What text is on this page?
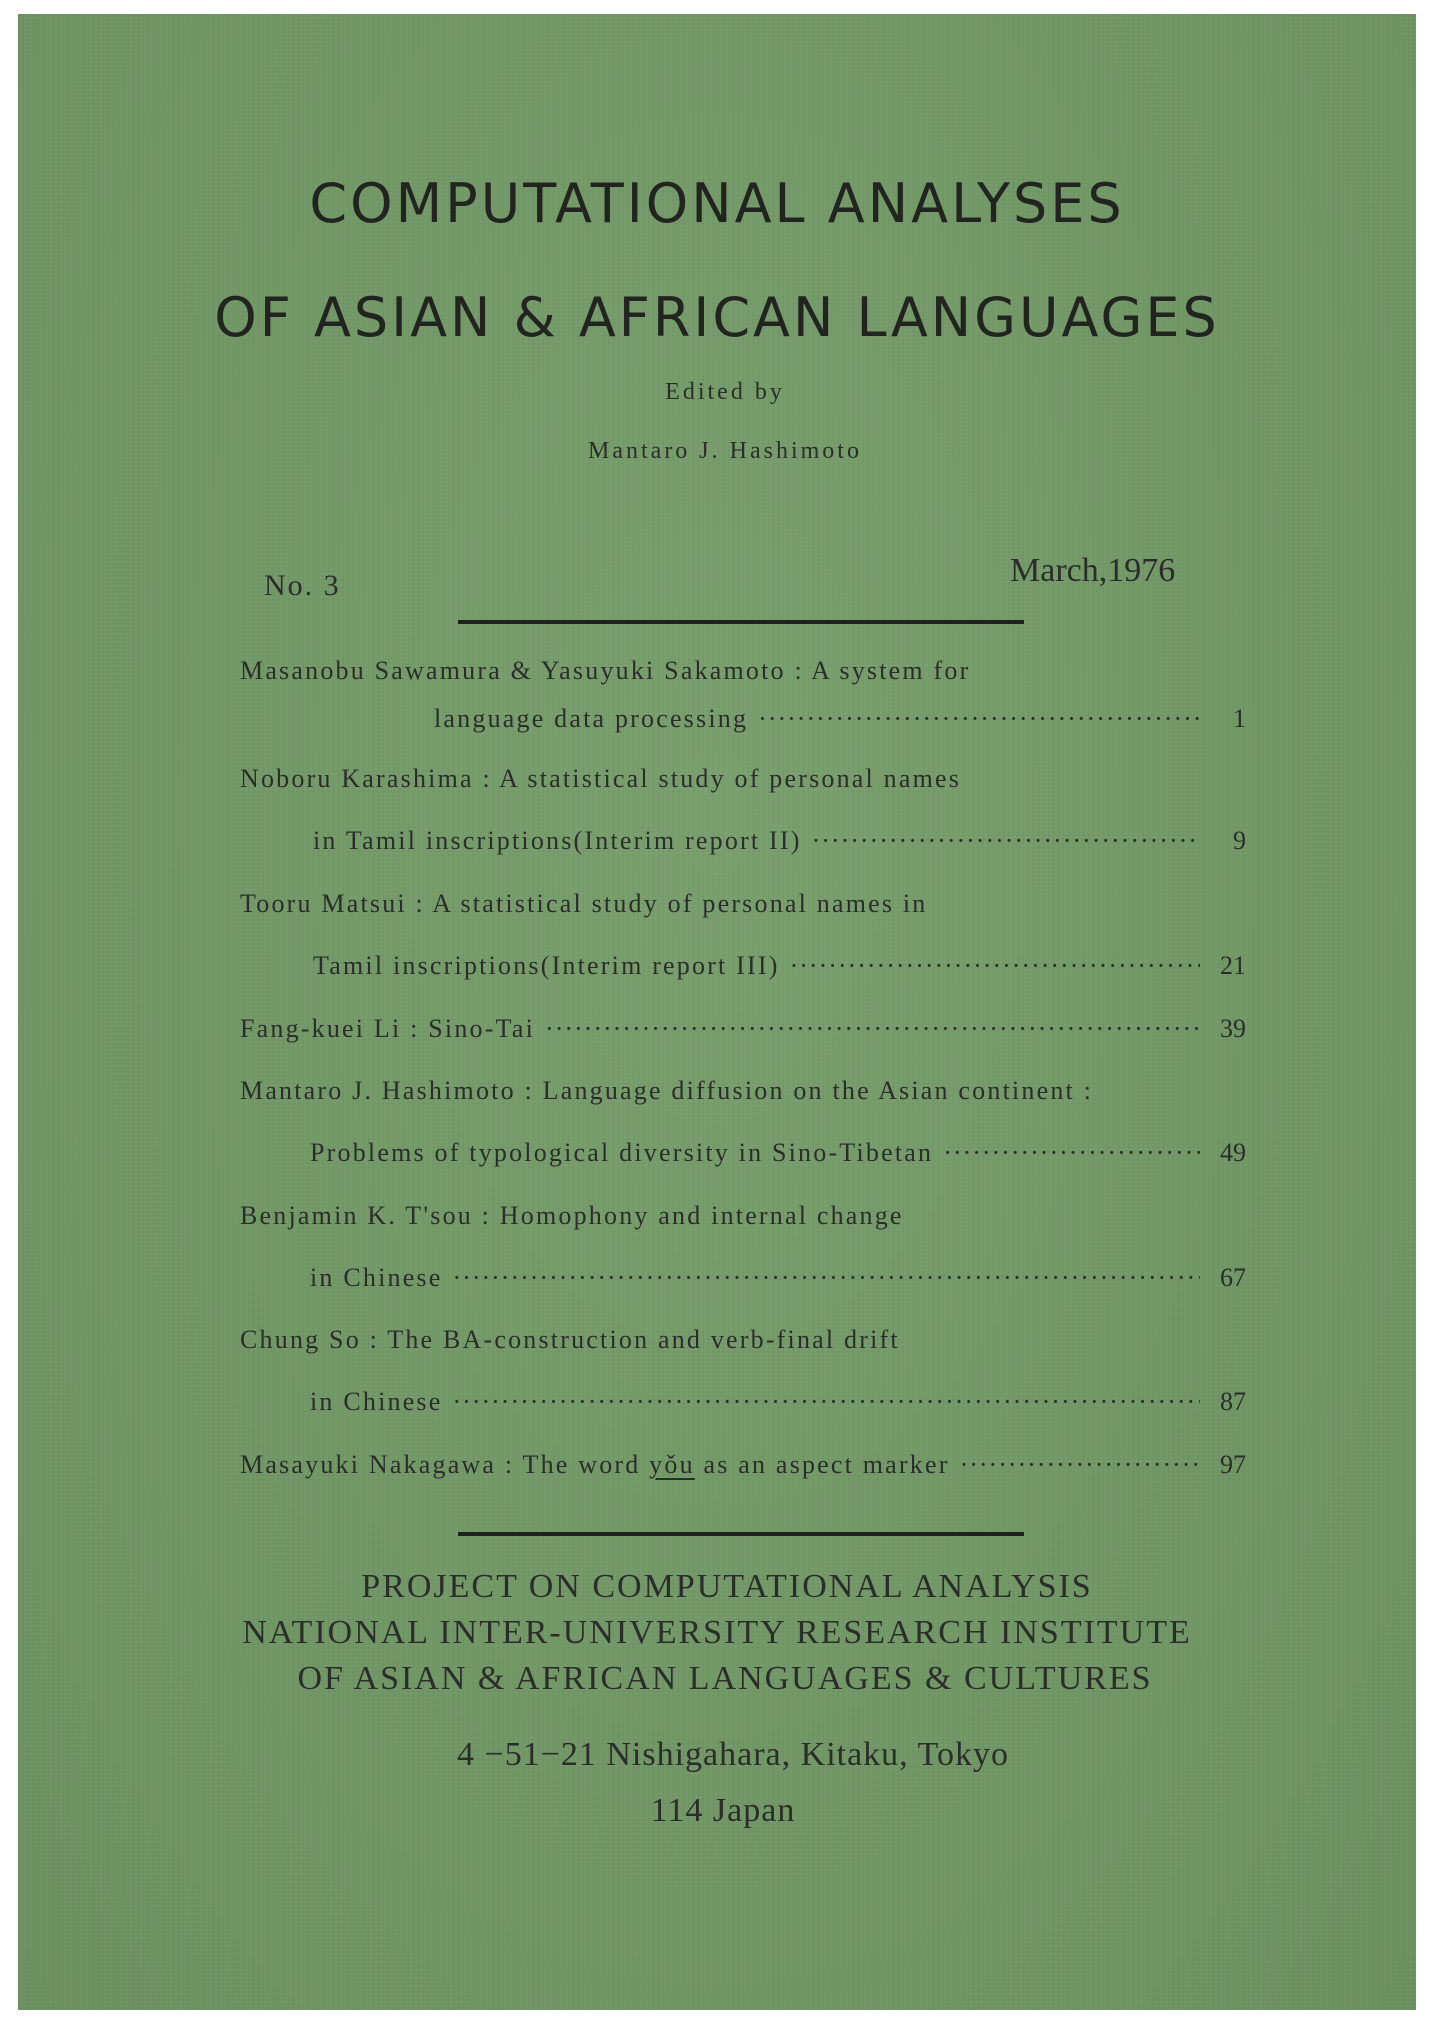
COMPUTATIONAL ANALYSES
OF ASIAN & AFRICAN LANGUAGES
Edited by
Mantaro J. Hashimoto
No. 3	March,1976
Masanobu Sawamura & Yasuyuki Sakamoto : A system for
language data processing ·····	1
Noboru Karashima : A statistical study of personal names
in Tamil inscriptions(Interim report II) ·····	9
Tooru Matsui : A statistical study of personal names in
Tamil inscriptions(Interim report III) ·····	21
Fang-kuei Li : Sino-Tai ·····	39
Mantaro J. Hashimoto : Language diffusion on the Asian continent :
Problems of typological diversity in Sino-Tibetan ·····	49
Benjamin K. T'sou : Homophony and internal change
in Chinese ·····	67
Chung So : The BA-construction and verb-final drift
in Chinese ·····	87
Masayuki Nakagawa : The word yǒu as an aspect marker ·····	97
PROJECT ON COMPUTATIONAL ANALYSIS
NATIONAL INTER-UNIVERSITY RESEARCH INSTITUTE
OF ASIAN & AFRICAN LANGUAGES & CULTURES
4 −51−21 Nishigahara, Kitaku, Tokyo
114 Japan
